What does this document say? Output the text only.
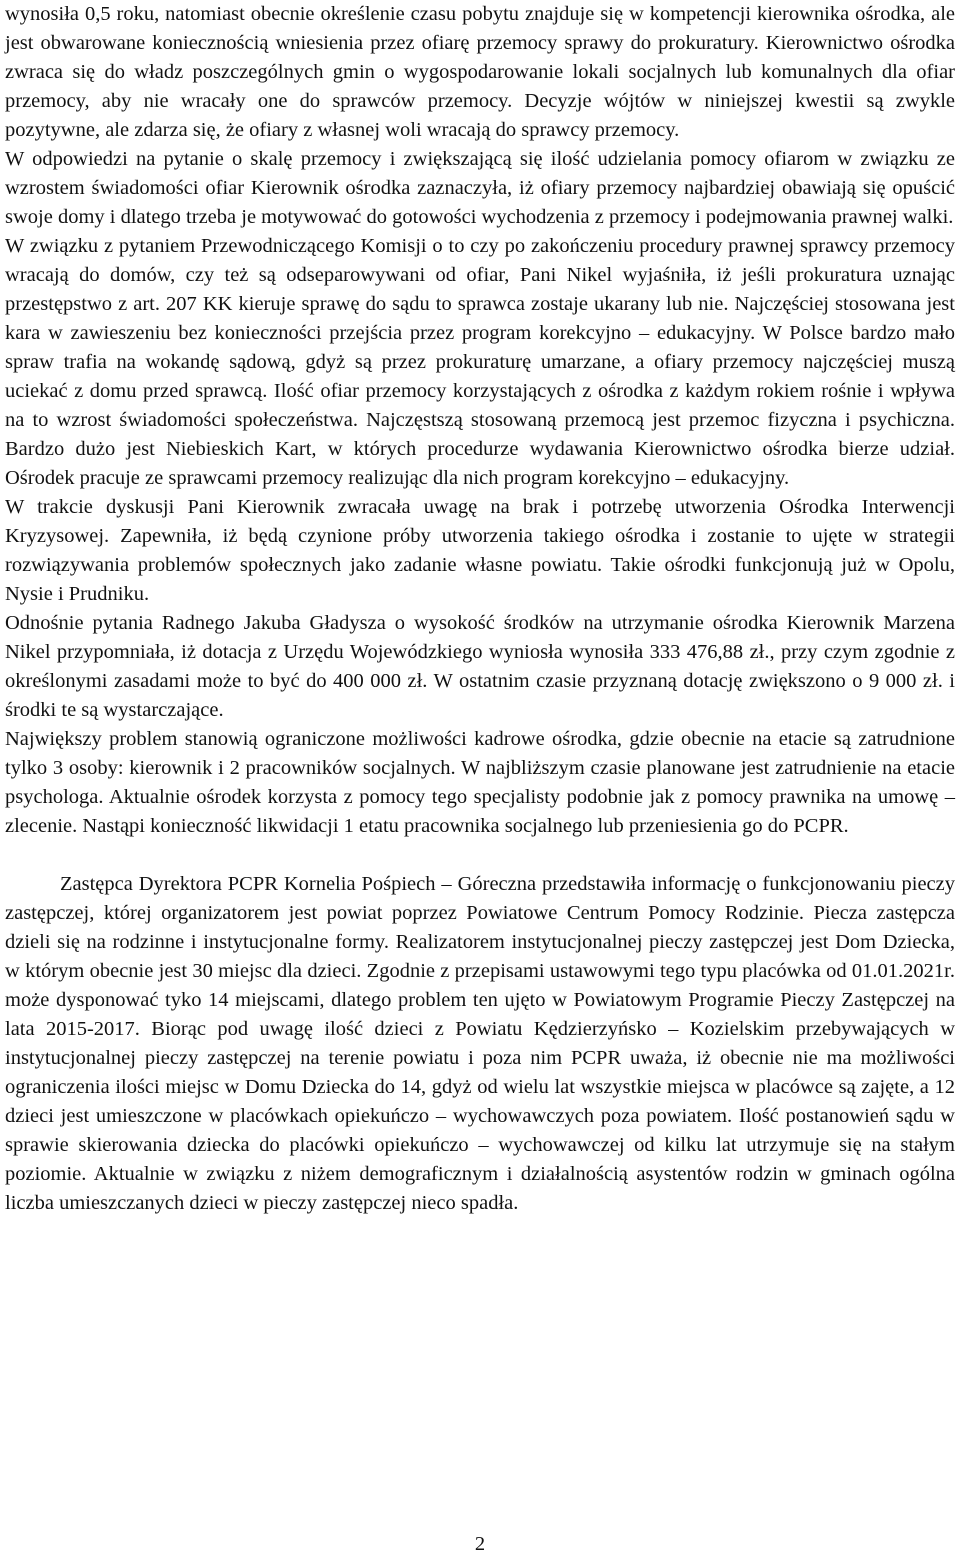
wynosiła 0,5 roku, natomiast obecnie określenie czasu pobytu znajduje się w kompetencji kierownika ośrodka, ale jest obwarowane koniecznością wniesienia przez ofiarę przemocy sprawy do prokuratury. Kierownictwo ośrodka zwraca się do władz poszczególnych gmin o wygospodarowanie lokali socjalnych lub komunalnych dla ofiar przemocy, aby nie wracały one do sprawców przemocy. Decyzje wójtów w niniejszej kwestii są zwykle pozytywne, ale zdarza się, że ofiary z własnej woli wracają do sprawcy przemocy.

W odpowiedzi na pytanie o skalę przemocy i zwiększającą się ilość udzielania pomocy ofiarom w związku ze wzrostem świadomości ofiar Kierownik ośrodka zaznaczyła, iż ofiary przemocy najbardziej obawiają się opuścić swoje domy i dlatego trzeba je motywować do gotowości wychodzenia z przemocy i podejmowania prawnej walki.

W związku z pytaniem Przewodniczącego Komisji o to czy po zakończeniu procedury prawnej sprawcy przemocy wracają do domów, czy też są odseparowywani od ofiar, Pani Nikel wyjaśniła, iż jeśli prokuratura uznając przestępstwo z art. 207 KK kieruje sprawę do sądu to sprawca zostaje ukarany lub nie. Najczęściej stosowana jest kara w zawieszeniu bez konieczności przejścia przez program korekcyjno – edukacyjny. W Polsce bardzo mało spraw trafia na wokandę sądową, gdyż są przez prokuraturę umarzane, a ofiary przemocy najczęściej muszą uciekać z domu przed sprawcą. Ilość ofiar przemocy korzystających z ośrodka z każdym rokiem rośnie i wpływa na to wzrost świadomości społeczeństwa. Najczęstszą stosowaną przemocą jest przemoc fizyczna i psychiczna. Bardzo dużo jest Niebieskich Kart, w których procedurze wydawania Kierownictwo ośrodka bierze udział. Ośrodek pracuje ze sprawcami przemocy realizując dla nich program korekcyjno – edukacyjny.

W trakcie dyskusji Pani Kierownik zwracała uwagę na brak i potrzebę utworzenia Ośrodka Interwencji Kryzysowej. Zapewniła, iż będą czynione próby utworzenia takiego ośrodka i zostanie to ujęte w strategii rozwiązywania problemów społecznych jako zadanie własne powiatu. Takie ośrodki funkcjonują już w Opolu, Nysie i Prudniku.

Odnośnie pytania Radnego Jakuba Gładysza o wysokość środków na utrzymanie ośrodka Kierownik Marzena Nikel przypomniała, iż dotacja z Urzędu Wojewódzkiego wyniosła wynosiła 333 476,88 zł., przy czym zgodnie z określonymi zasadami może to być do 400 000 zł. W ostatnim czasie przyznaną dotację zwiększono o 9 000 zł. i środki te są wystarczające.

Największy problem stanowią ograniczone możliwości kadrowe ośrodka, gdzie obecnie na etacie są zatrudnione tylko 3 osoby: kierownik i 2 pracowników socjalnych. W najbliższym czasie planowane jest zatrudnienie na etacie psychologa. Aktualnie ośrodek korzysta z pomocy tego specjalisty podobnie jak z pomocy prawnika na umowę – zlecenie. Nastąpi konieczność likwidacji 1 etatu pracownika socjalnego lub przeniesienia go do PCPR.

Zastępca Dyrektora PCPR Kornelia Pośpiech – Góreczna przedstawiła informację o funkcjonowaniu pieczy zastępczej, której organizatorem jest powiat poprzez Powiatowe Centrum Pomocy Rodzinie. Piecza zastępcza dzieli się na rodzinne i instytucjonalne formy. Realizatorem instytucjonalnej pieczy zastępczej jest Dom Dziecka, w którym obecnie jest 30 miejsc dla dzieci. Zgodnie z przepisami ustawowymi tego typu placówka od 01.01.2021r. może dysponować tyko 14 miejscami, dlatego problem ten ujęto w Powiatowym Programie Pieczy Zastępczej na lata 2015-2017. Biorąc pod uwagę ilość dzieci z Powiatu Kędzierzyńsko – Kozielskim przebywających w instytucjonalnej pieczy zastępczej na terenie powiatu i poza nim PCPR uważa, iż obecnie nie ma możliwości ograniczenia ilości miejsc w Domu Dziecka do 14, gdyż od wielu lat wszystkie miejsca w placówce są zajęte, a 12 dzieci jest umieszczone w placówkach opiekuńczo – wychowawczych poza powiatem. Ilość postanowień sądu w sprawie skierowania dziecka do placówki opiekuńczo – wychowawczej od kilku lat utrzymuje się na stałym poziomie. Aktualnie w związku z niżem demograficznym i działalnością asystentów rodzin w gminach ogólna liczba umieszczanych dzieci w pieczy zastępczej nieco spadła.

2
